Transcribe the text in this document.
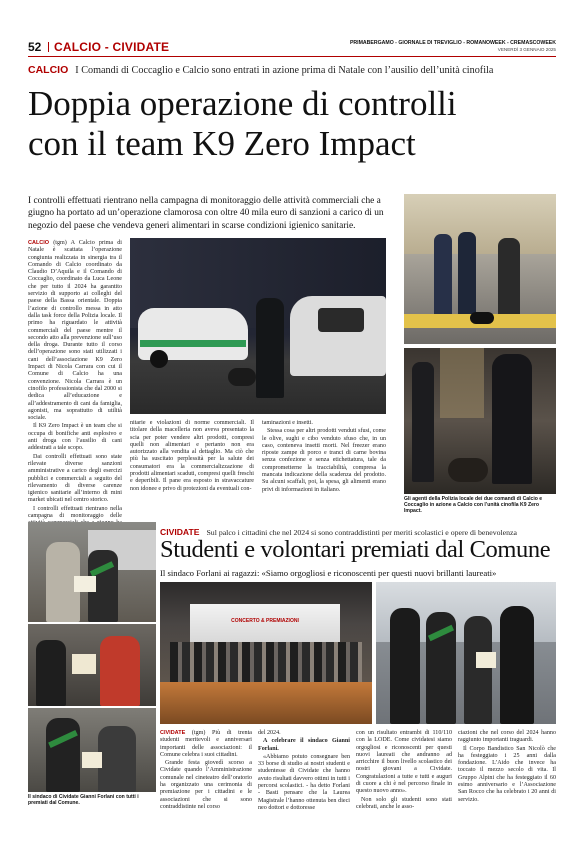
52 CALCIO - CIVIDATE	PRIMABERGAMO - GIORNALE DI TREVIGLIO - ROMANOWEEK - CREMASCOWEEK
VENERDÌ 3 GENNAIO 2025
CALCIO I Comandi di Coccaglio e Calcio sono entrati in azione prima di Natale con l’ausilio dell’unità cinofila
Doppia operazione di controlli
con il team K9 Zero Impact
I controlli effettuati rientrano nella campagna di monitoraggio delle attività commerciali che a giugno ha portato ad un’operazione clamorosa con oltre 40 mila euro di sanzioni a carico di un negozio del paese che vendeva generi alimentari in scarse condizioni igienico sanitarie.

CALCIO (tgm) A Calcio prima di Natale è scattata l’operazione congiunta realizzata in sinergia tra il Comando di Calcio coordinato da Claudio D’Aquila e il Comando di Coccaglio, coordinato da Luca Leone che per tutto il 2024 ha garantito servizio di supporto ai colleghi del paese della Bassa orientale. Doppia l’azione di controllo messa in atto dalla task force della Polizia locale. Il primo ha riguardato le attività commerciali del paese mentre il secondo atto alla prevenzione sull’uso della droga. Durante tutto il corso dell’operazione sono stati utilizzati i cani dell’associazione K9 Zero Impact di Nicola Carrara con cui il Comune di Calcio ha una convenzione. Nicola Carrara è un cinofilo professionista che dal 2000 si dedica all’educazione e all’addestramento di cani da famiglia, agonisti, ma soprattutto di utilità sociale.

Il K9 Zero Impact è un team che si occupa di bonifiche anti esplosivo e anti droga con l’ausilio di cani addestrati a tale scopo.

Dai controlli effettuati sono state rilevate diverse sanzioni amministrative a carico degli esercizi pubblici e commerciali a seguito del rilevamento di diverse carenze igienico sanitarie all’interno di mini market ubicati nel centro storico.

I controlli effettuati rientrano nella campagna di monitoraggio delle

nitarie e violazioni di norme commerciali. Il titolare della macelleria non aveva presentato la scia per poter vendere altri prodotti, compresi quelli non alimentari e pertanto non era autorizzato alla vendita al dettaglio. Ma ciò che più ha suscitato perplessità per la salute dei consumatori era la commercializzazione di prodotti alimentari scaduti, compresi quelli freschi e deperibili. Il pane era esposto in stravaccature non idonee e privo di protezioni da eventuali con-

taminazioni e insetti.

Stessa cosa per altri prodotti venduti sfusi, come le olive, sughi e cibo venduto sfuso che, in un caso, conteneva insetti morti. Nel freezer erano riposte zampe di porco e tranci di carne bovina senza confezione e senza etichettatura, tale da comprometterne la tracciabilità, compresa la mancata indicazione della scadenza del prodotto. Su alcuni scaffali, poi, la spesa, gli alimenti erano privi di informazioni in italiano.

Gli agenti della Polizia locale dei due comandi di Calcio e Coccaglio in azione a Calcio con l’unità cinofila K9 Zero Impact.
Il sindaco di Cividate Gianni Forlani con tutti i premiati dal Comune.
CIVIDATE Sul palco i cittadini che nel 2024 si sono contraddistinti per meriti scolastici e opere di benevolenza
Studenti e volontari premiati dal Comune
Il sindaco Forlani ai ragazzi: «Siamo orgogliosi e riconoscenti per questi nuovi brillanti laureati»
CONCERTO & PREMIAZIONI

CIVIDATE (tgm) Più di trenta studenti meritevoli e anniversari importanti delle associazioni: il Comune celebra i suoi cittadini.

Grande festa giovedì scorso a Cividate quando l’Amministrazione comunale nel cineteatro dell’oratorio ha organizzato una cerimonia di premiazione per i cittadini e le associazioni che si sono contraddistinte nel corso

del 2024.

A celebrare il sindaco Gianni Forlani.

«Abbiamo potuto consegnare ben 33 borse di studio ai nostri studenti e studentesse di Cividate che hanno avuto risultati davvero ottimi in tutti i percorsi scolastici. - ha detto Forlani - Basti pensare che la Laurea Magistrale l’hanno ottenuta ben dieci neo dottori e dottoresse

con un risultato entrambi di 110/110 con la LODE. Come cividatesi siamo orgogliosi e riconoscenti per questi nuovi laureati che andranno ad arricchire il buon livello scolastico dei nostri giovani a Cividate. Congratulazioni a tutte e tutti e auguri di cuore a chi è nel percorso finale in questo nuovo anno».

Non solo gli studenti sono stati celebrati, anche le asso-

ciazioni che nel corso del 2024 hanno raggiunto importanti traguardi.

Il Corpo Bandistico San Nicolò che ha festeggiato i 25 anni dalla fondazione. L’Aido che invece ha toccato il mezzo secolo di vita. Il Gruppo Alpini che ha festeggiato il 60 esimo anniversario e l’Associazione San Rocco che ha celebrato i 20 anni di servizio.
